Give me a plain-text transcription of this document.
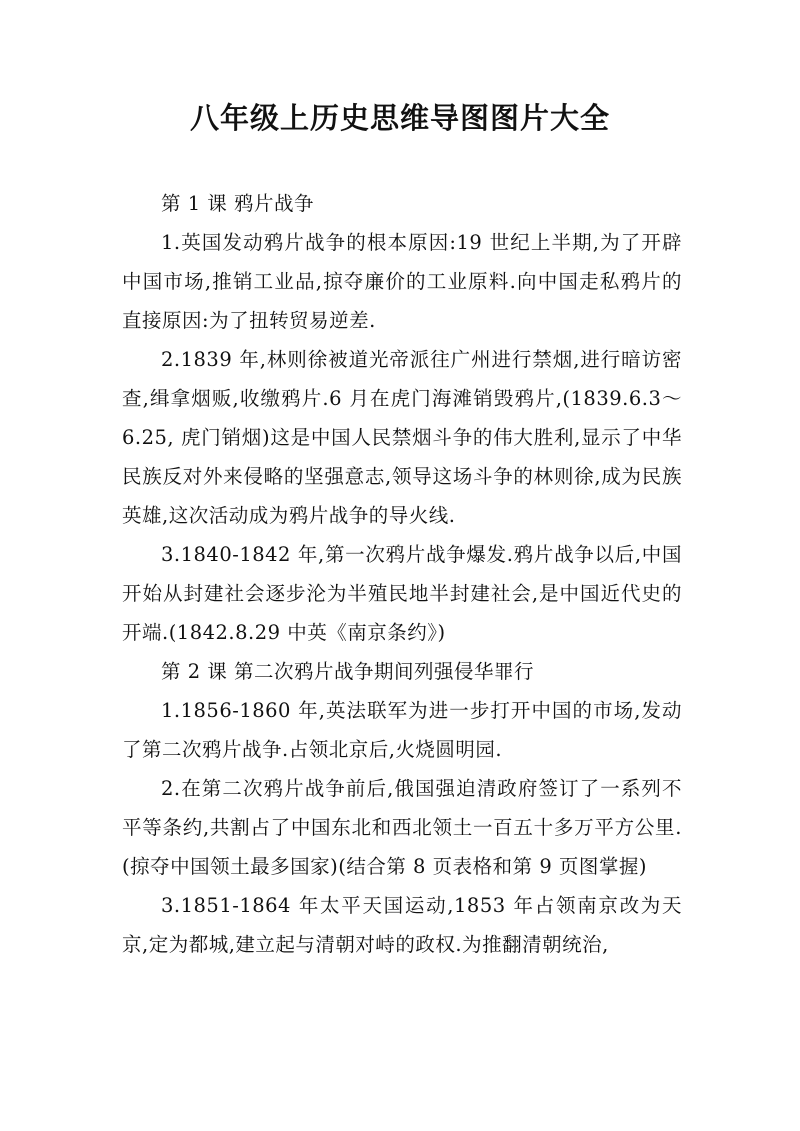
八年级上历史思维导图图片大全

第 1 课 鸦片战争

1.英国发动鸦片战争的根本原因:19 世纪上半期,为了开辟中国市场,推销工业品,掠夺廉价的工业原料.向中国走私鸦片的直接原因:为了扭转贸易逆差.

2.1839 年,林则徐被道光帝派往广州进行禁烟,进行暗访密查,缉拿烟贩,收缴鸦片.6 月在虎门海滩销毁鸦片,(1839.6.3～6.25, 虎门销烟)这是中国人民禁烟斗争的伟大胜利,显示了中华民族反对外来侵略的坚强意志,领导这场斗争的林则徐,成为民族英雄,这次活动成为鸦片战争的导火线.

3.1840-1842 年,第一次鸦片战争爆发.鸦片战争以后,中国开始从封建社会逐步沦为半殖民地半封建社会,是中国近代史的开端.(1842.8.29 中英《南京条约》)

第 2 课 第二次鸦片战争期间列强侵华罪行

1.1856-1860 年,英法联军为进一步打开中国的市场,发动了第二次鸦片战争.占领北京后,火烧圆明园.

2.在第二次鸦片战争前后,俄国强迫清政府签订了一系列不平等条约,共割占了中国东北和西北领土一百五十多万平方公里.(掠夺中国领土最多国家)(结合第 8 页表格和第 9 页图掌握)

3.1851-1864 年太平天国运动,1853 年占领南京改为天京,定为都城,建立起与清朝对峙的政权.为推翻清朝统治,
